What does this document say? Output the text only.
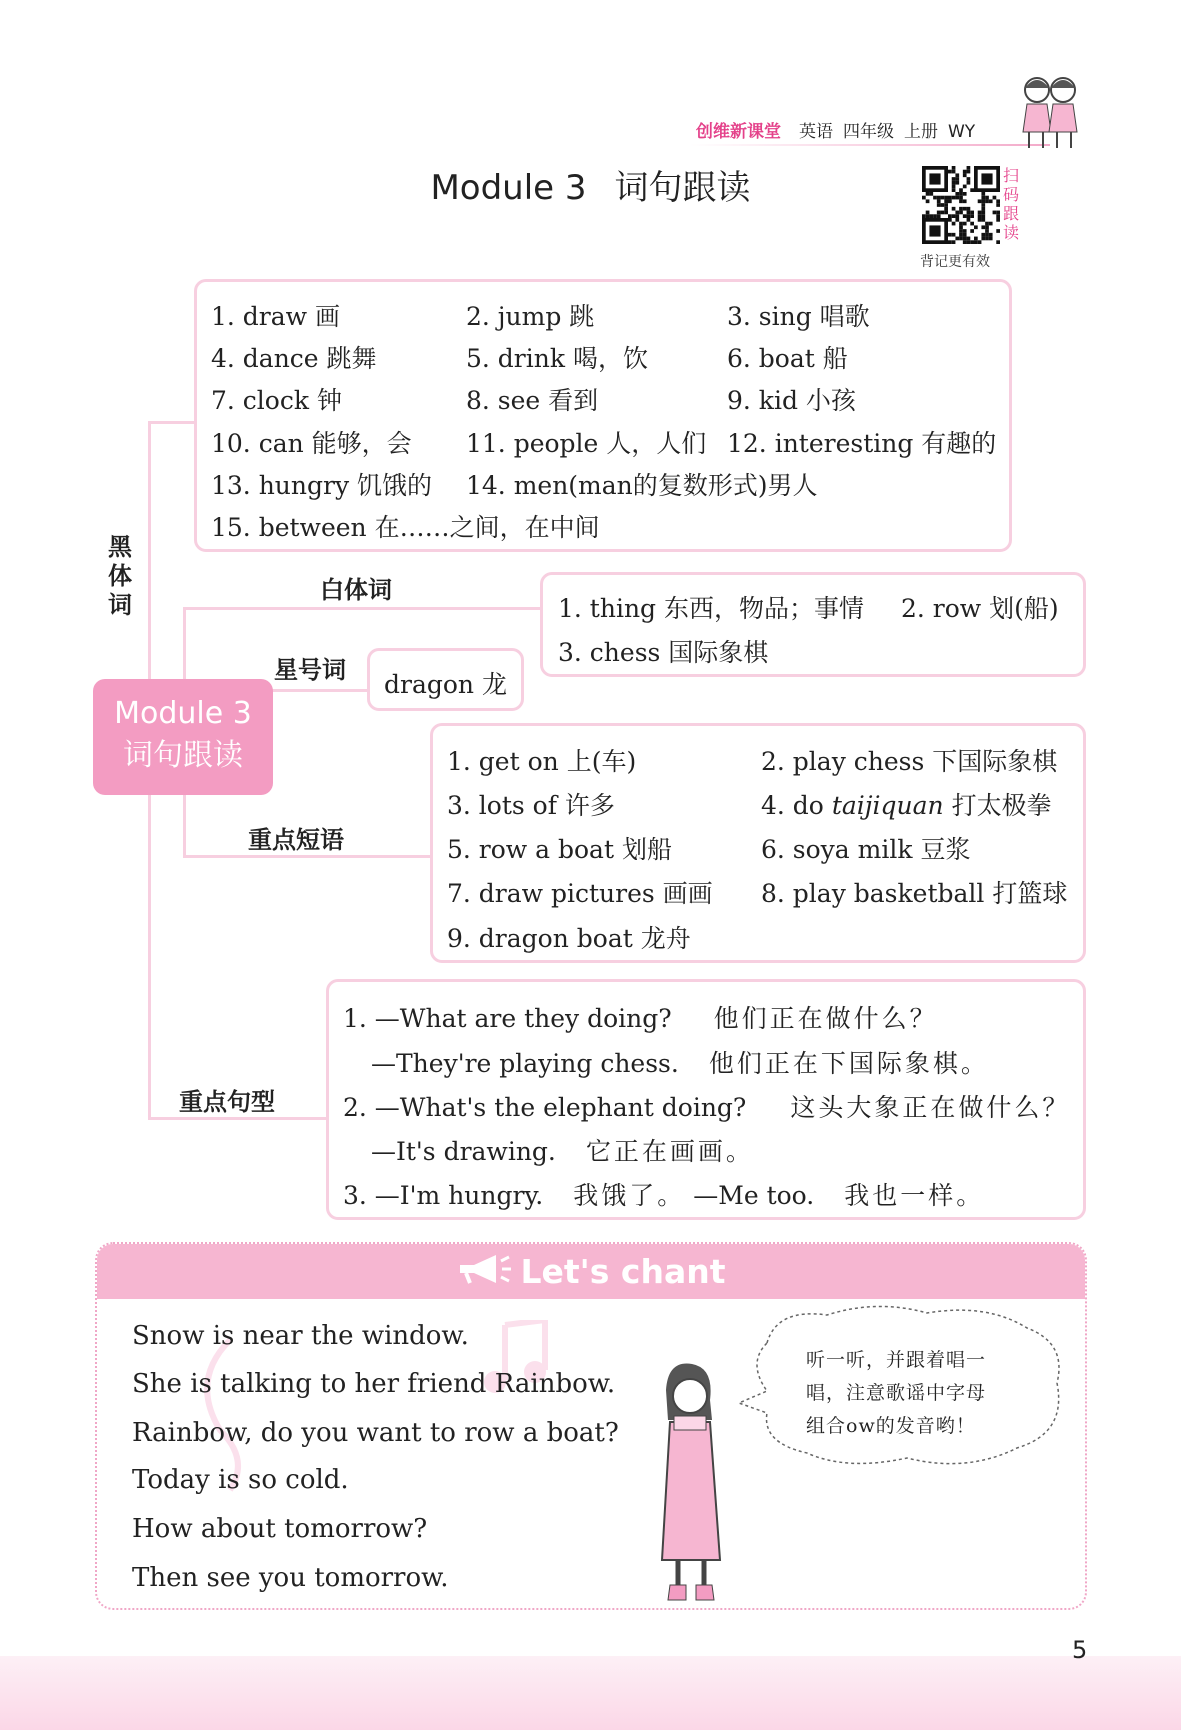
创维新课堂 英语 四年级 上册 WY
Module 3 词句跟读	扫码跟读
背记更有效
黑体词
1. draw 画	2. jump 跳	3. sing 唱歌
4. dance 跳舞	5. drink 喝，饮	6. boat 船
7. clock 钟	8. see 看到	9. kid 小孩
10. can 能够，会 11. people 人，人们 12. interesting 有趣的
13. hungry 饥饿的 14. men(man的复数形式)男人
15. between 在……之间，在中间
白体词
1. thing 东西，物品；事情 2. row 划(船)
3. chess 国际象棋
星号词 dragon 龙
Module 3
词句跟读
重点短语
1. get on 上(车)	2. play chess 下国际象棋
3. lots of 许多	4. do taijiquan 打太极拳
5. row a boat 划船	6. soya milk 豆浆
7. draw pictures 画画 8. play basketball 打篮球
9. dragon boat 龙舟
重点句型
1. —What are they doing? 他们正在做什么？
—They're playing chess. 他们正在下国际象棋。
2. —What's the elephant doing? 这头大象正在做什么？
—It's drawing. 它正在画画。
3. —I'm hungry. 我饿了。 —Me too. 我也一样。
Let's chant
Snow is near the window.
She is talking to her friend Rainbow.
Rainbow, do you want to row a boat?
Today is so cold.
How about tomorrow?
Then see you tomorrow.
听一听，并跟着唱一
唱，注意歌谣中字母
组合ow的发音哟！
5
